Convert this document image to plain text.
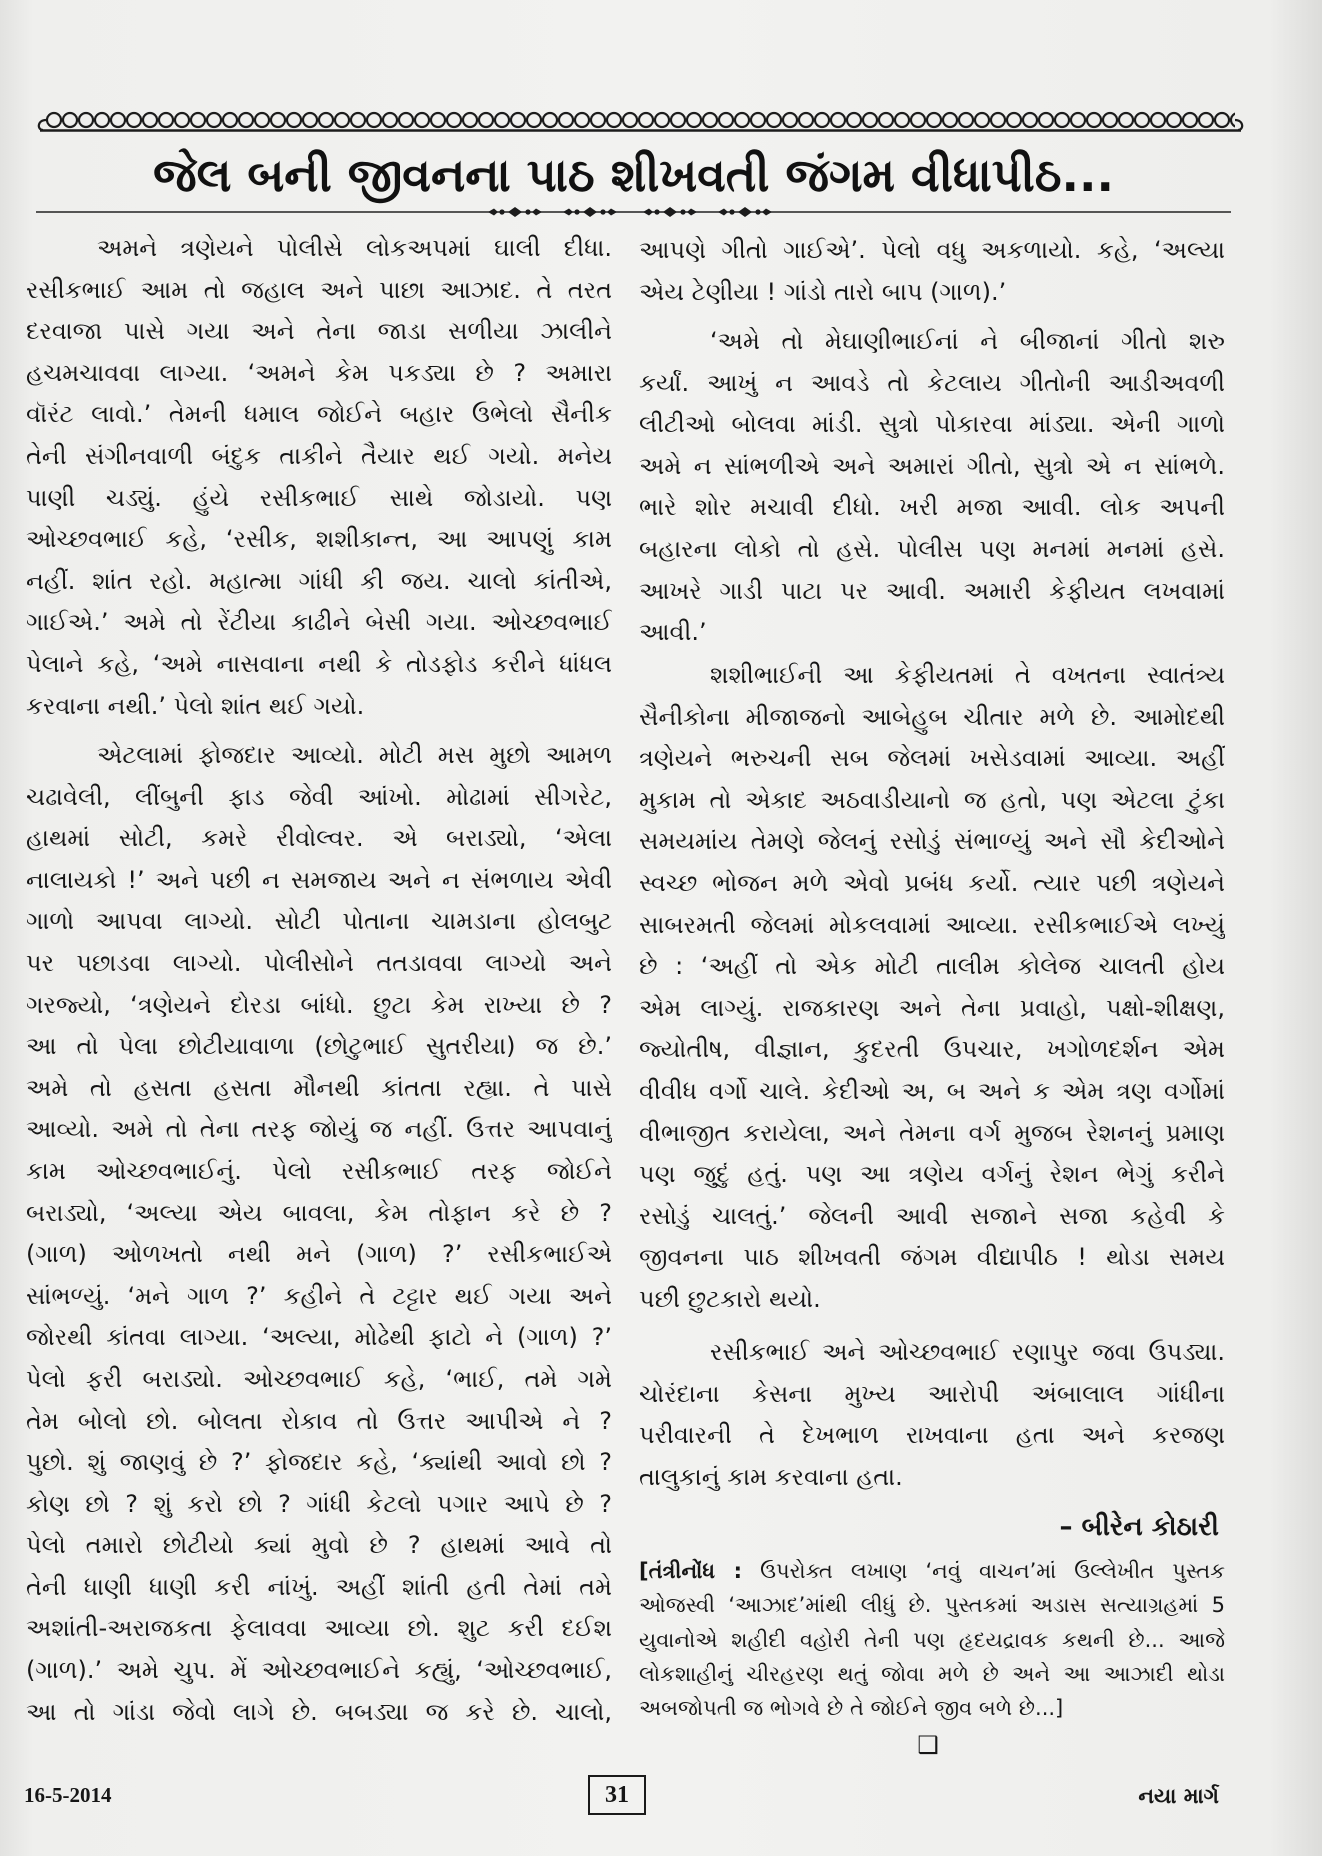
જેલ બની જીવનના પાઠ શીખવતી જંગમ વીધાપીઠ...
અમને ત્રણેયને પોલીસે લોકઅપમાં ઘાલી દીધા.
રસીકભાઈ આમ તો જહાલ અને પાછા આઝાદ. તે તરત
દરવાજા પાસે ગયા અને તેના જાડા સળીયા ઝાલીને
હચમચાવવા લાગ્યા. ‘અમને કેમ પકડ્યા છે ? અમારા
વૉરંટ લાવો.’ તેમની ધમાલ જોઈને બહાર ઉભેલો સૈનીક
તેની સંગીનવાળી બંદુક તાકીને તૈયાર થઈ ગયો. મનેય
પાણી ચડ્યું. હુંયે રસીકભાઈ સાથે જોડાયો. પણ
ઓચ્છવભાઈ કહે, ‘રસીક, શશીકાન્ત, આ આપણું કામ
નહીં. શાંત રહો. મહાત્મા ગાંધી કી જય. ચાલો કાંતીએ,
ગાઈએ.’ અમે તો રેંટીયા કાઢીને બેસી ગયા. ઓચ્છવભાઈ
પેલાને કહે, ‘અમે નાસવાના નથી કે તોડફોડ કરીને ધાંધલ
કરવાના નથી.’ પેલો શાંત થઈ ગયો.
એટલામાં ફોજદાર આવ્યો. મોટી મસ મુછો આમળ
ચઢાવેલી, લીંબુની ફાડ જેવી આંખો. મોઢામાં સીગરેટ,
હાથમાં સોટી, કમરે રીવોલ્વર. એ બરાડ્યો, ‘એલા
નાલાયકો !’ અને પછી ન સમજાય અને ન સંભળાય એવી
ગાળો આપવા લાગ્યો. સોટી પોતાના ચામડાના હોલબુટ
પર પછાડવા લાગ્યો. પોલીસોને તતડાવવા લાગ્યો અને
ગરજ્યો, ‘ત્રણેયને દોરડા બાંધો. છુટા કેમ રાખ્યા છે ?
આ તો પેલા છોટીયાવાળા (છોટુભાઈ સુતરીયા) જ છે.’
અમે તો હસતા હસતા મૌનથી કાંતતા રહ્યા. તે પાસે
આવ્યો. અમે તો તેના તરફ જોયું જ નહીં. ઉત્તર આપવાનું
કામ ઓચ્છવભાઈનું. પેલો રસીકભાઈ તરફ જોઈને
બરાડ્યો, ‘અલ્યા એય બાવલા, કેમ તોફાન કરે છે ?
(ગાળ) ઓળખતો નથી મને (ગાળ) ?’ રસીકભાઈએ
સાંભળ્યું. ‘મને ગાળ ?’ કહીને તે ટટ્ટાર થઈ ગયા અને
જોરથી કાંતવા લાગ્યા. ‘અલ્યા, મોઢેથી ફાટો ને (ગાળ) ?’
પેલો ફરી બરાડ્યો. ઓચ્છવભાઈ કહે, ‘ભાઈ, તમે ગમે
તેમ બોલો છો. બોલતા રોકાવ તો ઉત્તર આપીએ ને ?
પુછો. શું જાણવું છે ?’ ફોજદાર કહે, ‘ક્યાંથી આવો છો ?
કોણ છો ? શું કરો છો ? ગાંધી કેટલો પગાર આપે છે ?
પેલો તમારો છોટીયો ક્યાં મુવો છે ? હાથમાં આવે તો
તેની ધાણી ધાણી કરી નાંખું. અહીં શાંતી હતી તેમાં તમે
અશાંતી-અરાજકતા ફેલાવવા આવ્યા છો. શુટ કરી દઈશ
(ગાળ).’ અમે ચુપ. મેં ઓચ્છવભાઈને કહ્યું, ‘ઓચ્છવભાઈ,
આ તો ગાંડા જેવો લાગે છે. બબડ્યા જ કરે છે. ચાલો,
આપણે ગીતો ગાઈએ’. પેલો વધુ અકળાયો. કહે, ‘અલ્યા
એય ટેણીયા ! ગાંડો તારો બાપ (ગાળ).’
‘અમે તો મેઘાણીભાઈનાં ને બીજાનાં ગીતો શરુ
કર્યાં. આખું ન આવડે તો કેટલાય ગીતોની આડીઅવળી
લીટીઓ બોલવા માંડી. સુત્રો પોકારવા માંડ્યા. એની ગાળો
અમે ન સાંભળીએ અને અમારાં ગીતો, સુત્રો એ ન સાંભળે.
ભારે શોર મચાવી દીધો. ખરી મજા આવી. લોક અપની
બહારના લોકો તો હસે. પોલીસ પણ મનમાં મનમાં હસે.
આખરે ગાડી પાટા પર આવી. અમારી કેફીયત લખવામાં
આવી.’
શશીભાઈની આ કેફીયતમાં તે વખતના સ્વાતંત્ર્ય
સૈનીકોના મીજાજનો આબેહુબ ચીતાર મળે છે. આમોદથી
ત્રણેયને ભરુચની સબ જેલમાં ખસેડવામાં આવ્યા. અહીં
મુકામ તો એકાદ અઠવાડીયાનો જ હતો, પણ એટલા ટુંકા
સમયમાંય તેમણે જેલનું રસોડું સંભાળ્યું અને સૌ કેદીઓને
સ્વચ્છ ભોજન મળે એવો પ્રબંધ કર્યો. ત્યાર પછી ત્રણેયને
સાબરમતી જેલમાં મોકલવામાં આવ્યા. રસીકભાઈએ લખ્યું
છે : ‘અહીં તો એક મોટી તાલીમ કોલેજ ચાલતી હોય
એમ લાગ્યું. રાજકારણ અને તેના પ્રવાહો, પક્ષો-શીક્ષણ,
જ્યોતીષ, વીજ્ઞાન, કુદરતી ઉપચાર, ખગોળદર્શન એમ
વીવીધ વર્ગો ચાલે. કેદીઓ અ, બ અને ક એમ ત્રણ વર્ગોમાં
વીભાજીત કરાયેલા, અને તેમના વર્ગ મુજબ રેશનનું પ્રમાણ
પણ જુદું હતું. પણ આ ત્રણેય વર્ગનું રેશન ભેગું કરીને
રસોડું ચાલતું.’ જેલની આવી સજાને સજા કહેવી કે
જીવનના પાઠ શીખવતી જંગમ વીદ્યાપીઠ ! થોડા સમય
પછી છુટકારો થયો.
રસીકભાઈ અને ઓચ્છવભાઈ રણાપુર જવા ઉપડ્યા.
ચોરંદાના કેસના મુખ્ય આરોપી અંબાલાલ ગાંધીના
પરીવારની તે દેખભાળ રાખવાના હતા અને કરજણ
તાલુકાનું કામ કરવાના હતા.
– બીરેન કોઠારી
[તંત્રીનોંધ : ઉપરોક્ત લખાણ ‘નવું વાચન’માં ઉલ્લેખીત પુસ્તક
ઓજસ્વી ‘આઝાદ’માંથી લીધું છે. પુસ્તકમાં અડાસ સત્યાગ્રહમાં 5
યુવાનોએ શહીદી વહોરી તેની પણ હૃદયદ્રાવક કથની છે... આજે
લોકશાહીનું ચીરહરણ થતું જોવા મળે છે અને આ આઝાદી થોડા
અબજોપતી જ ભોગવે છે તે જોઈને જીવ બળે છે...]
❑
16-5-2014	31	નયા માર્ગ
